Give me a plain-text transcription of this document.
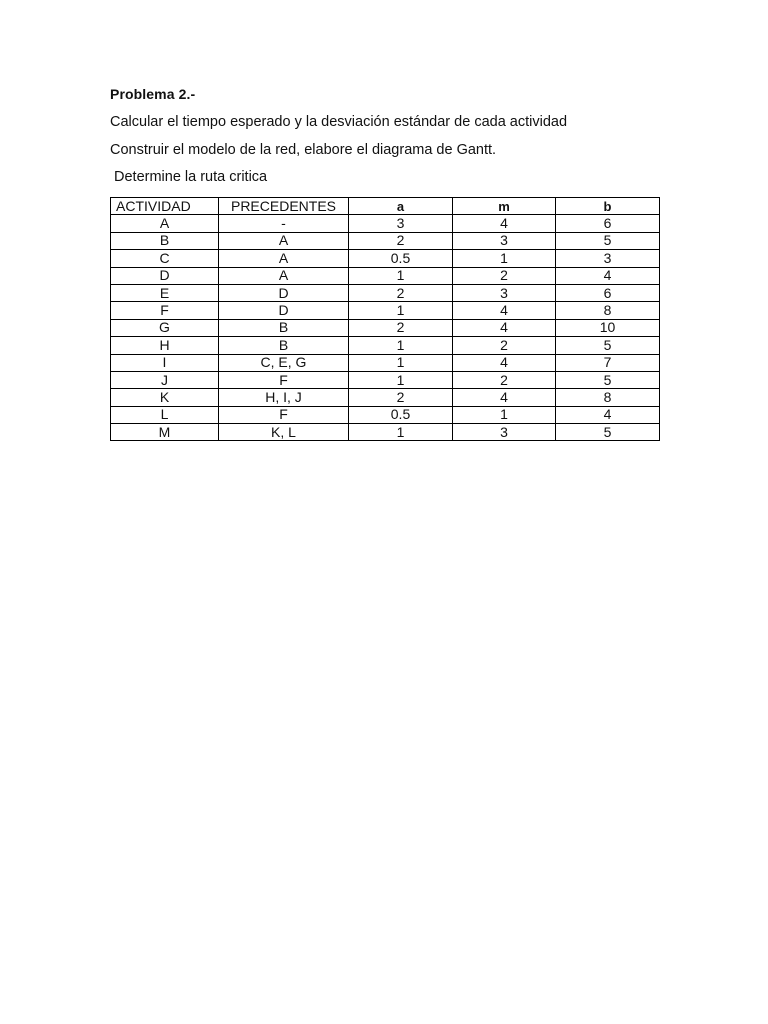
Problema 2.-
Calcular el tiempo esperado y la desviación estándar de cada actividad
Construir el modelo de la red, elabore el diagrama de Gantt.
Determine la ruta critica
ACTIVIDAD	PRECEDENTES	a	m	b
A	-	3	4	6
B	A	2	3	5
C	A	0.5	1	3
D	A	1	2	4
E	D	2	3	6
F	D	1	4	8
G	B	2	4	10
H	B	1	2	5
I	C, E, G	1	4	7
J	F	1	2	5
K	H, I, J	2	4	8
L	F	0.5	1	4
M	K, L	1	3	5
